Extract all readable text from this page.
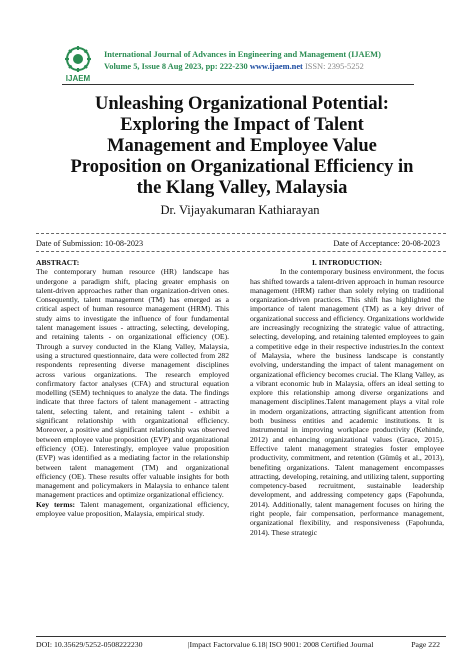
IJAEM
International Journal of Advances in Engineering and Management (IJAEM)
Volume 5, Issue 8 Aug 2023, pp: 222-230 www.ijaem.net ISSN: 2395-5252
Unleashing Organizational Potential: Exploring the Impact of Talent Management and Employee Value Proposition on Organizational Efficiency in the Klang Valley, Malaysia
Dr. Vijayakumaran Kathiarayan
Date of Submission: 10-08-2023	Date of Acceptance: 20-08-2023
ABSTRACT:
The contemporary human resource (HR) landscape has undergone a paradigm shift, placing greater emphasis on talent-driven approaches rather than organization-driven ones. Consequently, talent management (TM) has emerged as a critical aspect of human resource management (HRM). This study aims to investigate the influence of four fundamental talent management issues - attracting, selecting, developing, and retaining talents - on organizational efficiency (OE). Through a survey conducted in the Klang Valley, Malaysia, using a structured questionnaire, data were collected from 282 respondents representing diverse management disciplines across various organizations. The research employed confirmatory factor analyses (CFA) and structural equation modelling (SEM) techniques to analyze the data. The findings indicate that three factors of talent management - attracting talent, selecting talent, and retaining talent - exhibit a significant relationship with organizational efficiency. Moreover, a positive and significant relationship was observed between employee value proposition (EVP) and organizational efficiency (OE). Interestingly, employee value proposition (EVP) was identified as a mediating factor in the relationship between talent management (TM) and organizational efficiency (OE). These results offer valuable insights for both management and policymakers in Malaysia to enhance talent management practices and optimize organizational efficiency.
Key terms: Talent management, organizational efficiency, employee value proposition, Malaysia, empirical study.
I. INTRODUCTION:
In the contemporary business environment, the focus has shifted towards a talent-driven approach in human resource management (HRM) rather than solely relying on traditional organization-driven practices. This shift has highlighted the importance of talent management (TM) as a key driver of organizational success and efficiency. Organizations worldwide are increasingly recognizing the strategic value of attracting, selecting, developing, and retaining talented employees to gain a competitive edge in their respective industries.In the context of Malaysia, where the business landscape is constantly evolving, understanding the impact of talent management on organizational efficiency becomes crucial. The Klang Valley, as a vibrant economic hub in Malaysia, offers an ideal setting to explore this relationship among diverse organizations and management disciplines.Talent management plays a vital role in modern organizations, attracting significant attention from both business entities and academic institutions. It is instrumental in improving workplace productivity (Kehinde, 2012) and enhancing organizational values (Grace, 2015). Effective talent management strategies foster employee productivity, commitment, and retention (Gümüş et al., 2013), benefiting organizations. Talent management encompasses attracting, developing, retaining, and utilizing talent, supporting competency-based recruitment, sustainable leadership development, and addressing competency gaps (Fapohunda, 2014). Additionally, talent management focuses on hiring the right people, fair compensation, performance management, organizational flexibility, and responsiveness (Fapohunda, 2014). These strategic
DOI: 10.35629/5252-0508222230	|Impact Factorvalue 6.18| ISO 9001: 2008 Certified Journal	Page 222
